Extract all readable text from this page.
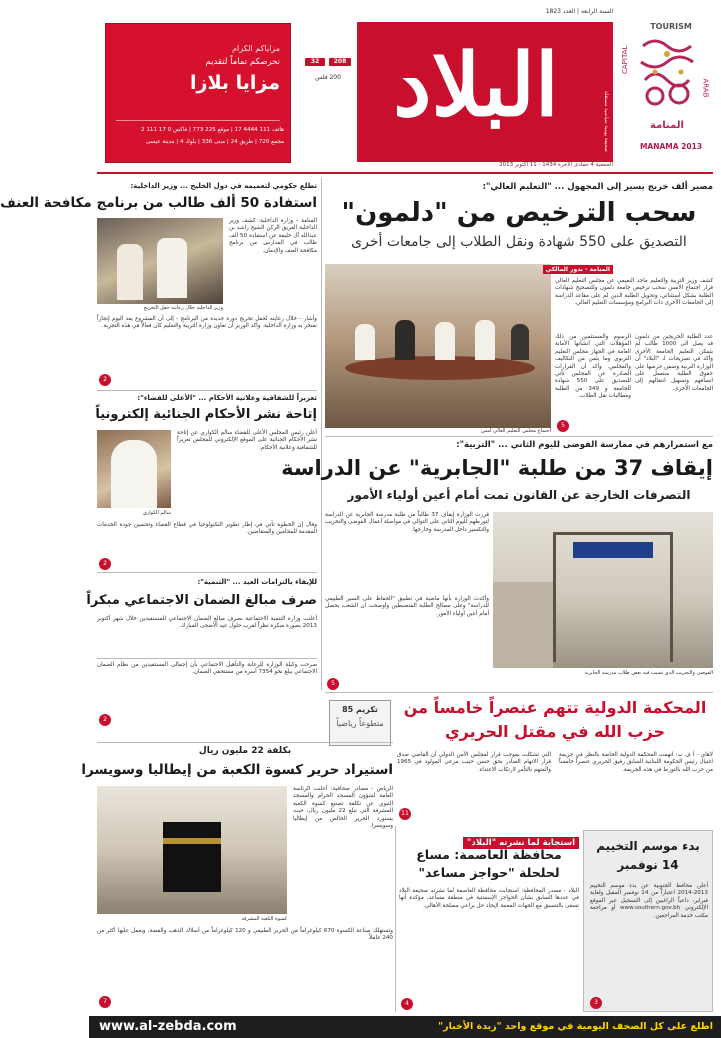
مزاياكم الكرام
نحرصكم تماماً لتقديم
مزايا بلازا
هاتف 111 4444 17 | موقع 225 773 | فاكس 0 17 111 2
مجمع 720 | طريق 24 | مبنى 336 | بلوك 4 | مدينة عيسى
208
32
200 فلس البلاد	صحيفة يومية سياسية مستقلة
السنة الرابعة | العدد 1823
الجمعية 4 جمادى الآخرة 1434 - 11 أكتوبر 2013
TOURISM
CAPITAL
ARAB
المنامة
MANAMA 2013
تطلع حكومي لتعميمه في دول الخليج ... وزير الداخلية:
استفادة 50 ألف طالب من برنامج مكافحة العنف
وزير الداخلية خلال رعايته حفل التخريج
المنامة - وزارة الداخلية: كشف وزير الداخلية الفريق الركن الشيخ راشد بن عبدالله آل خليفة عن استفادة 50 ألف طالب في المدارس من برنامج مكافحة العنف والإدمان.
وأشار - خلال رعايته لحفل تخريج دورة جديدة من البرنامج - إلى أن المشروع يعد اليوم إنجازاً نفتخر به وزارة الداخلية. وأكد الوزير أن تعاون وزارة التربية والتعليم كان فعالاً في هذه التجربة.
2
تعزيزاً للشفافية وعلانية الأحكام ... "الأعلى للقضاء":
إتاحة نشر الأحكام الجنائية إلكترونياً
سالم الكواري
أعلن رئيس المجلس الأعلى للقضاء سالم الكواري عن إتاحة نشر الأحكام الجنائية على الموقع الإلكتروني للمجلس تعزيزاً للشفافية وعلانية الأحكام.
وقال إن الخطوة تأتي في إطار تطوير التكنولوجيا في قطاع القضاء وتحسين جودة الخدمات المقدمة للمحامين والمتقاضين.
2
للإيفاء بالتزامات العيد ... "التنمية":
صرف مبالغ الضمان الاجتماعي مبكراً
أعلنت وزارة التنمية الاجتماعية بصرف مبالغ الضمان الاجتماعي للمستفيدين خلال شهر أكتوبر 2013 بصورة مبكرة نظراً لقرب حلول عيد الأضحى المبارك.
صرحت وكيلة الوزارة للرعاية والتأهيل الاجتماعي بأن إجمالي المستفيدين من نظام الضمان الاجتماعي يبلغ نحو 7354 أسرة من مستحقي الضمان.
2
مصير ألف خريج يسير إلى المجهول ... "التعليم العالي":
سحب الترخيص من "دلمون"
التصديق على 550 شهادة ونقل الطلاب إلى جامعات أخرى
اجتماع مجلس التعليم العالي أمس
المنامة - بدور المالكي
كشف وزير التربية والتعليم ماجد النعيمي عن مجلس التعليم العالي قرار اجتماع الأمس سحب ترخيص جامعة دلمون وللتصحيح شهادات الطلبة بشكل استثنائي، وتحويل الطلبة الذين لم على مقاعد الدراسة إلى الجامعات الأخرى ذات البرامج ومؤسسات التعليم العالي.
الرسوم والمستثمين من ذلك المؤهلات التي أنشأتها الأمانة العامة في الجهاز مجلس التعليم التربوي وما يثمن من التكاليف والمجلس. وأكد أن القرارات الصادرة عن المجلس تأتي للتصديق على 550 شهادة للجامعة و 349 من الطلبة ومطالبات نقل الطلاب.
عدد الطلبة الخريجين من دلمون قد يصل الى 1000 طالب لم يتمكن التعليم الجامعة الأخرى وأكد في تصريحات لـ "البلاد" أن الوزارة التربية وضمن حرصها على حقوق الطلبة ستعمل على انصافهم وتسهيل انتقالهم إلى الجامعات الأخرى.
5
مع استمرارهم في ممارسة الفوضى لليوم الثاني ... "التربية":
إيقاف 37 من طلبة "الجابرية" عن الدراسة
التصرفات الخارجة عن القانون تمت أمام أعين أولياء الأمور
الفوضى والتخريب الذي تسبب فيه بعض طلاب مدرسة الجابرية
قررت الوزارة إيقاف 37 طالباً من طلبة مدرسة الجابرية عن الدراسة لتورطهم لليوم الثاني على التوالي في مواصلة أعمال الفوضى والتخريب والتكسير داخل المدرسة وخارجها.
وأكدت الوزارة بأنها ماضية في تطبيق "الحفاظ على السير الطبيعي للدراسة" وعلى مصالح الطلبة المنضبطين وأوضحت ان الشغب يحصل أمام أعين أولياء الأمور.
5
المحكمة الدولية تتهم عنصراً خامساً من حزب الله في مقتل الحريري
لاهاي - أ ف ب: اتهمت المحكمة الدولية الخاصة بالنظر في جريمة اغتيال رئيس الحكومة اللبنانية السابق رفيق الحريري عنصراً خامساً من حزب الله بالتورط في هذه الجريمة.
التي تشكلت بموجب قرار لمجلس الأمن الدولي أن القاضي صدق قرار الاتهام الصادر بحق حسن حبيب مرعي المولود في 1965 والمتهم بالتآمر لارتكاب الاعتداء.
11
تكريم 85
متطوعاً رياضياً
بكلفة 22 مليون ريال
استيراد حرير كسوة الكعبة من إيطاليا وسويسرا
كسوة الكعبة المشرفة
الرياض - مصادر صحافية: أعلنت الرئاسة العامة لشؤون المسجد الحرام والمسجد النبوي عن تكلفة تصنيع كسوة الكعبة المشرفة التي تبلغ 22 مليون ريال، حيث يستورد الحرير الخالص من إيطاليا وسويسرا.
وتستهلك صناعة الكسوة 670 كيلوغراماً من الحرير الطبيعي و 120 كيلوغراماً من أسلاك الذهب والفضة، ويعمل عليها أكثر من 240 عاملاً.
7
استجابة لما نشرته "البلاد"
محافظة العاصمة: مساع لحلحلة "حواجز مساعد"
البلاد - مصدر المحافظة: استجابت محافظة العاصمة لما نشرته صحيفة البلاد في عددها السابق بشأن الحواجز الإسمنتية في منطقة مساعد، مؤكدة أنها تسعى بالتنسيق مع الجهات المعنية لإيجاد حل يراعي مصلحة الأهالي.
4
بدء موسم التخييم 14 نوفمبر
أعلن محافظ الجنوبية عن بدء موسم التخييم 2013-2014 اعتباراً من 14 نوفمبر المقبل ولغاية فبراير، داعياً الراغبين إلى التسجيل عبر الموقع الإلكتروني www.southern.gov.bh أو مراجعة مكتب خدمة المراجعين.
3
www.al-zebda.com	اطلع على كل الصحف اليومية في موقع واحد "زبدة الأخبار"
